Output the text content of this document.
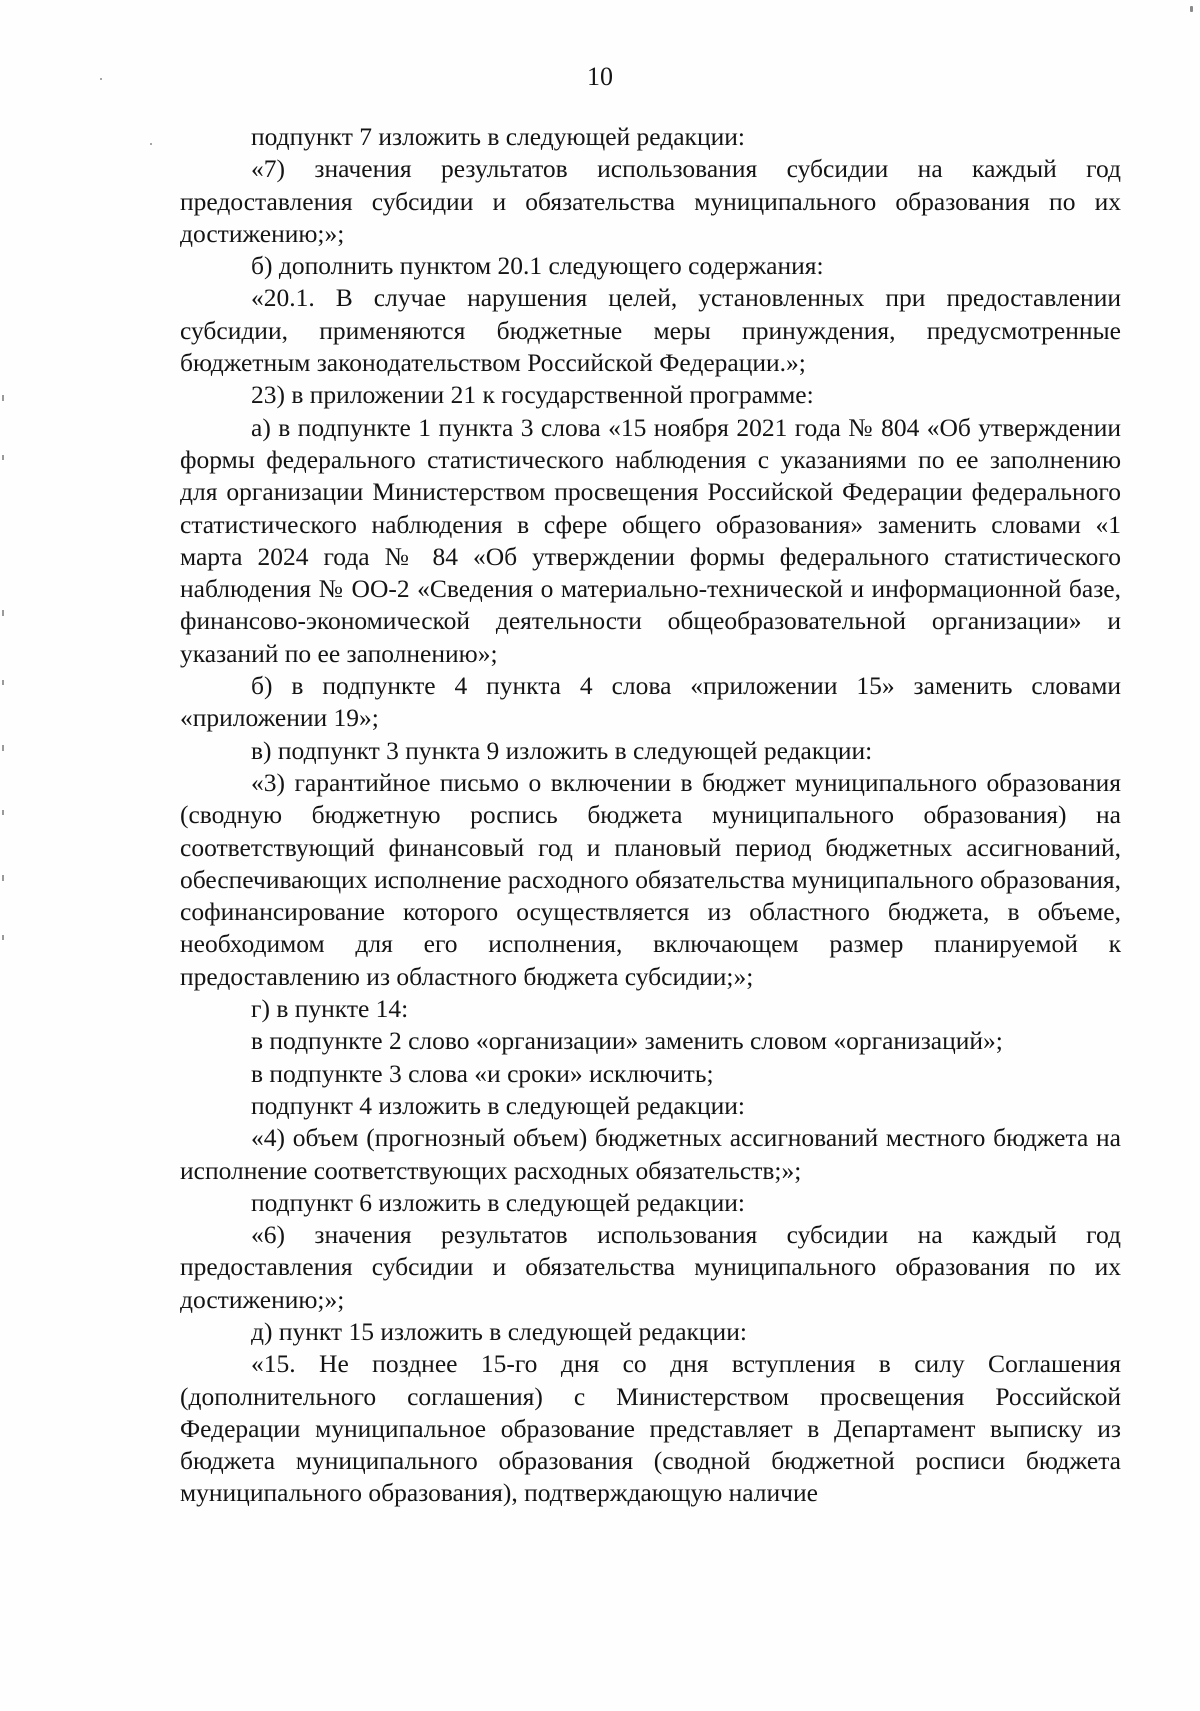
10

подпункт 7 изложить в следующей редакции:

«7) значения результатов использования субсидии на каждый год предоставления субсидии и обязательства муниципального образования по их достижению;»;

б) дополнить пунктом 20.1 следующего содержания:

«20.1. В случае нарушения целей, установленных при предоставлении субсидии, применяются бюджетные меры принуждения, предусмотренные бюджетным законодательством Российской Федерации.»;

23) в приложении 21 к государственной программе:

а) в подпункте 1 пункта 3 слова «15 ноября 2021 года № 804 «Об утверждении формы федерального статистического наблюдения с указаниями по ее заполнению для организации Министерством просвещения Российской Федерации федерального статистического наблюдения в сфере общего образования» заменить словами «1 марта 2024 года № 84 «Об утверждении формы федерального статистического наблюдения № ОО-2 «Сведения о материально-технической и информационной базе, финансово-экономической деятельности общеобразовательной организации» и указаний по ее заполнению»;

б) в подпункте 4 пункта 4 слова «приложении 15» заменить словами «приложении 19»;

в) подпункт 3 пункта 9 изложить в следующей редакции:

«3) гарантийное письмо о включении в бюджет муниципального образования (сводную бюджетную роспись бюджета муниципального образования) на соответствующий финансовый год и плановый период бюджетных ассигнований, обеспечивающих исполнение расходного обязательства муниципального образования, софинансирование которого осуществляется из областного бюджета, в объеме, необходимом для его исполнения, включающем размер планируемой к предоставлению из областного бюджета субсидии;»;

г) в пункте 14:

в подпункте 2 слово «организации» заменить словом «организаций»;

в подпункте 3 слова «и сроки» исключить;

подпункт 4 изложить в следующей редакции:

«4) объем (прогнозный объем) бюджетных ассигнований местного бюджета на исполнение соответствующих расходных обязательств;»;

подпункт 6 изложить в следующей редакции:

«6) значения результатов использования субсидии на каждый год предоставления субсидии и обязательства муниципального образования по их достижению;»;

д) пункт 15 изложить в следующей редакции:

«15. Не позднее 15-го дня со дня вступления в силу Соглашения (дополнительного соглашения) с Министерством просвещения Российской Федерации муниципальное образование представляет в Департамент выписку из бюджета муниципального образования (сводной бюджетной росписи бюджета муниципального образования), подтверждающую наличие
